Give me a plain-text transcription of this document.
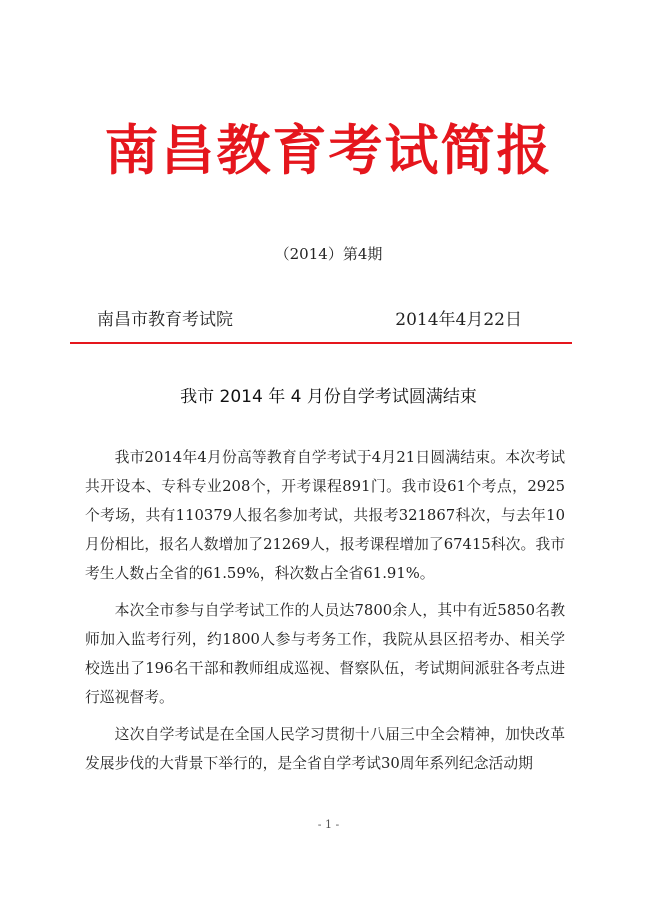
南昌教育考试简报
（2014）第4期
南昌市教育考试院	2014年4月22日
我市 2014 年 4 月份自学考试圆满结束

我市2014年4月份高等教育自学考试于4月21日圆满结束。本次考试共开设本、专科专业208个，开考课程891门。我市设61个考点，2925个考场，共有110379人报名参加考试，共报考321867科次，与去年10月份相比，报名人数增加了21269人，报考课程增加了67415科次。我市考生人数占全省的61.59%，科次数占全省61.91%。

本次全市参与自学考试工作的人员达7800余人，其中有近5850名教师加入监考行列，约1800人参与考务工作，我院从县区招考办、相关学校选出了196名干部和教师组成巡视、督察队伍，考试期间派驻各考点进行巡视督考。

这次自学考试是在全国人民学习贯彻十八届三中全会精神，加快改革发展步伐的大背景下举行的，是全省自学考试30周年系列纪念活动期

- 1 -
